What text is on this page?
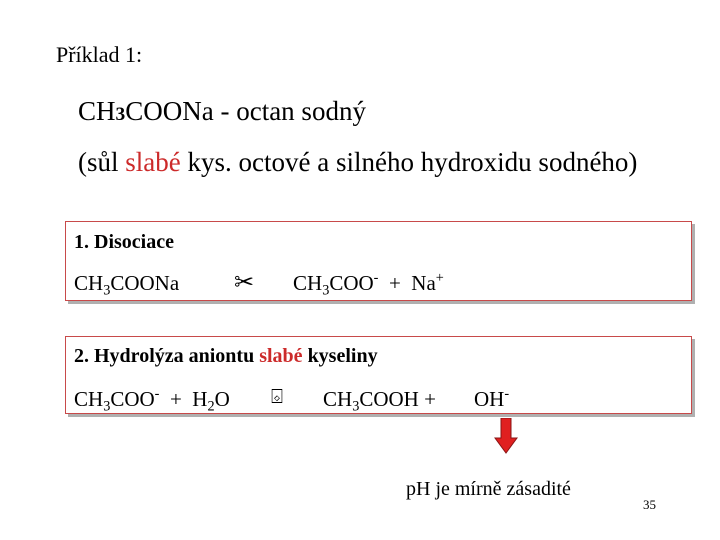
Příklad 1:
CH3COONa - octan sodný
(sůl slabé kys. octové a silného hydroxidu sodného)
1. Disociace
$CH_3COONa$ ✂ $CH_3COO^- + Na^+$
2. Hydrolýza aniontu slabé kyseliny
$CH_3COO^- + H_2O$ ⌺ $CH_3COOH + OH^-$
pH je mírně zásadité
35
